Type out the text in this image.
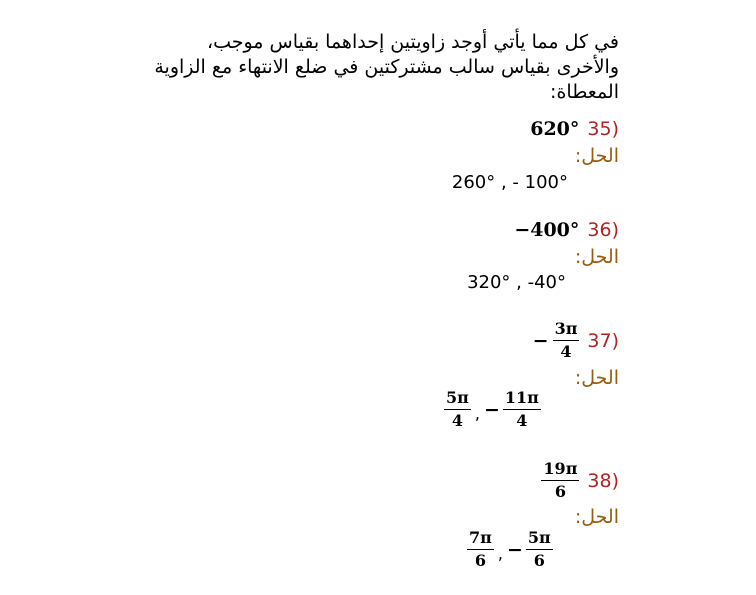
في كل مما يأتي أوجد زاويتين إحداهما بقياس موجب، والأخرى بقياس سالب مشتركتين في ضلع الانتهاء مع الزاوية المعطاة:
620° 35)
الحل:
260° , - 100°
−400° 36)
الحل:
320° , -40°
− $\frac{3\pi}{4} 37$)
الحل:
$\frac{5\pi}{4}$ , − $\frac{11\pi}{4}$
$\frac{19\pi}{6} 38$)
الحل:
$\frac{7\pi}{6}$ , − $\frac{5\pi}{6}$
